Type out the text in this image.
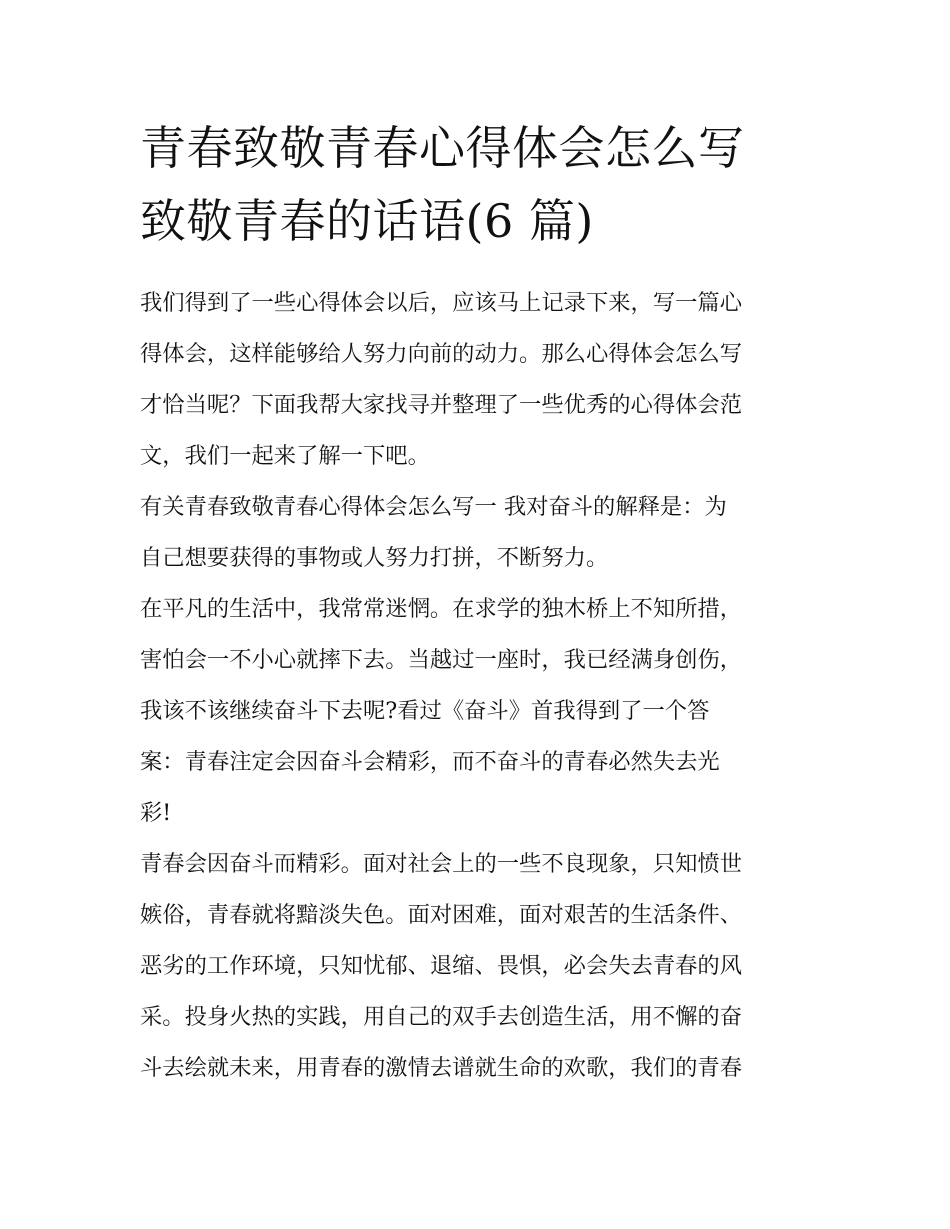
青春致敬青春心得体会怎么写
致敬青春的话语(6 篇)
我们得到了一些心得体会以后，应该马上记录下来，写一篇心
得体会，这样能够给人努力向前的动力。那么心得体会怎么写
才恰当呢？下面我帮大家找寻并整理了一些优秀的心得体会范
文，我们一起来了解一下吧。
有关青春致敬青春心得体会怎么写一 我对奋斗的解释是：为
自己想要获得的事物或人努力打拼，不断努力。
在平凡的生活中，我常常迷惘。在求学的独木桥上不知所措，
害怕会一不小心就摔下去。当越过一座时，我已经满身创伤，
我该不该继续奋斗下去呢?看过《奋斗》首我得到了一个答
案：青春注定会因奋斗会精彩，而不奋斗的青春必然失去光
彩!
青春会因奋斗而精彩。面对社会上的一些不良现象，只知愤世
嫉俗，青春就将黯淡失色。面对困难，面对艰苦的生活条件、
恶劣的工作环境，只知忧郁、退缩、畏惧，必会失去青春的风
采。投身火热的实践，用自己的双手去创造生活，用不懈的奋
斗去绘就未来，用青春的激情去谱就生命的欢歌，我们的青春
